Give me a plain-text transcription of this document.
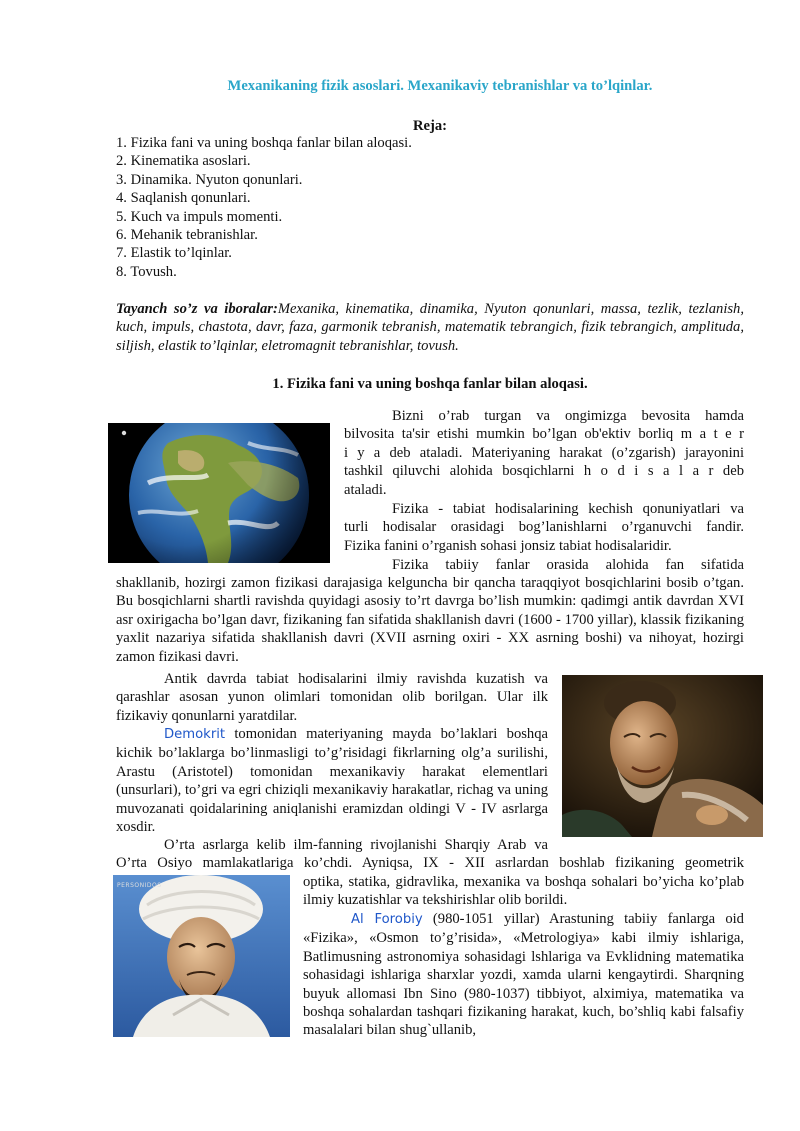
Mexanikaning fizik asoslari. Mexanikaviy tebranishlar va to’lqinlar.
Reja:
1. Fizika fani va uning boshqa fanlar bilan aloqasi.
2. Kinematika asoslari.
3. Dinamika. Nyuton qonunlari.
4. Saqlanish qonunlari.
5. Kuch va impuls momenti.
6. Mehanik tebranishlar.
7. Elastik to’lqinlar.
8. Tovush.
Tayanch so’z va iboralar:Mexanika, kinematika, dinamika, Nyuton qonunlari, massa, tezlik, tezlanish, kuch, impuls, chastota, davr, faza, garmonik tebranish, matematik tebrangich, fizik tebrangich, amplituda, siljish, elastik to’lqinlar, eletromagnit tebranishlar, tovush.
1. Fizika fani va uning boshqa fanlar bilan aloqasi.

Bizni o’rab turgan va ongimizga bevosita hamda

bilvosita ta'sir etishi mumkin bo’lgan ob'ektiv borliq m a t e r

i y a deb ataladi. Materiyaning harakat (o’zgarish) jarayonini

tashkil qiluvchi alohida bosqichlarni h o d i s a l a r deb

ataladi.

Fizika - tabiat hodisalarining kechish qonuniyatlari va

turli hodisalar orasidagi bog’lanishlarni o’rganuvchi fandir.

Fizika fanini o’rganish sohasi jonsiz tabiat hodisalaridir.

Fizika tabiiy fanlar orasida alohida fan sifatida
shakllanib, hozirgi zamon fizikasi darajasiga kelguncha bir qancha taraqqiyot bosqichlarini bosib o’tgan. Bu bosqichlarni shartli ravishda quyidagi asosiy to’rt davrga bo’lish mumkin: qadimgi antik davrdan XVI asr oxirigacha bo’lgan davr, fizikaning fan sifatida shakllanish davri (1600 - 1700 yillar), klassik fizikaning yaxlit nazariya sifatida shakllanish davri (XVII asrning oxiri - XX asrning boshi) va nihoyat, hozirgi zamon fizikasi davri.

Antik davrda tabiat hodisalarini ilmiy ravishda kuzatish va qarashlar asosan yunon olimlari tomonidan olib borilgan. Ular ilk fizikaviy qonunlarni yaratdilar.

Demokrit tomonidan materiyaning mayda bo’laklari boshqa kichik bo’laklarga bo’linmasligi to’g’risidagi fikrlarning olg’a surilishi, Arastu (Aristotel) tomonidan mexanikaviy harakat elementlari (unsurlari), to’gri va egri chiziqli mexanikaviy harakatlar, richag va uning muvozanati qoidalarining aniqlanishi eramizdan oldingi V - IV asrlarga xosdir.

O’rta asrlarga kelib ilm-fanning rivojlanishi Sharqiy Arab va
O’rta Osiyo mamlakatlariga ko’chdi. Ayniqsa, IX - XII asrlardan boshlab fizikaning geometrik
PERSONIDOS	optika, statika, gidravlika, mexanika va boshqa sohalari bo’yicha ko’plab ilmiy kuzatishlar va tekshirishlar olib borildi.

Al Forobiy (980-1051 yillar) Arastuning tabiiy fanlarga oid «Fizika», «Osmon to’g’risida», «Metrologiya» kabi ilmiy ishlariga, Batlimusning astronomiya sohasidagi lshlariga va Evklidning matematika sohasidagi ishlariga sharxlar yozdi, xamda ularni kengaytirdi. Sharqning buyuk allomasi Ibn Sino (980-1037) tibbiyot, alximiya, matematika va boshqa sohalardan tashqari fizikaning harakat, kuch, bo’shliq kabi falsafiy masalalari bilan shug`ullanib,
